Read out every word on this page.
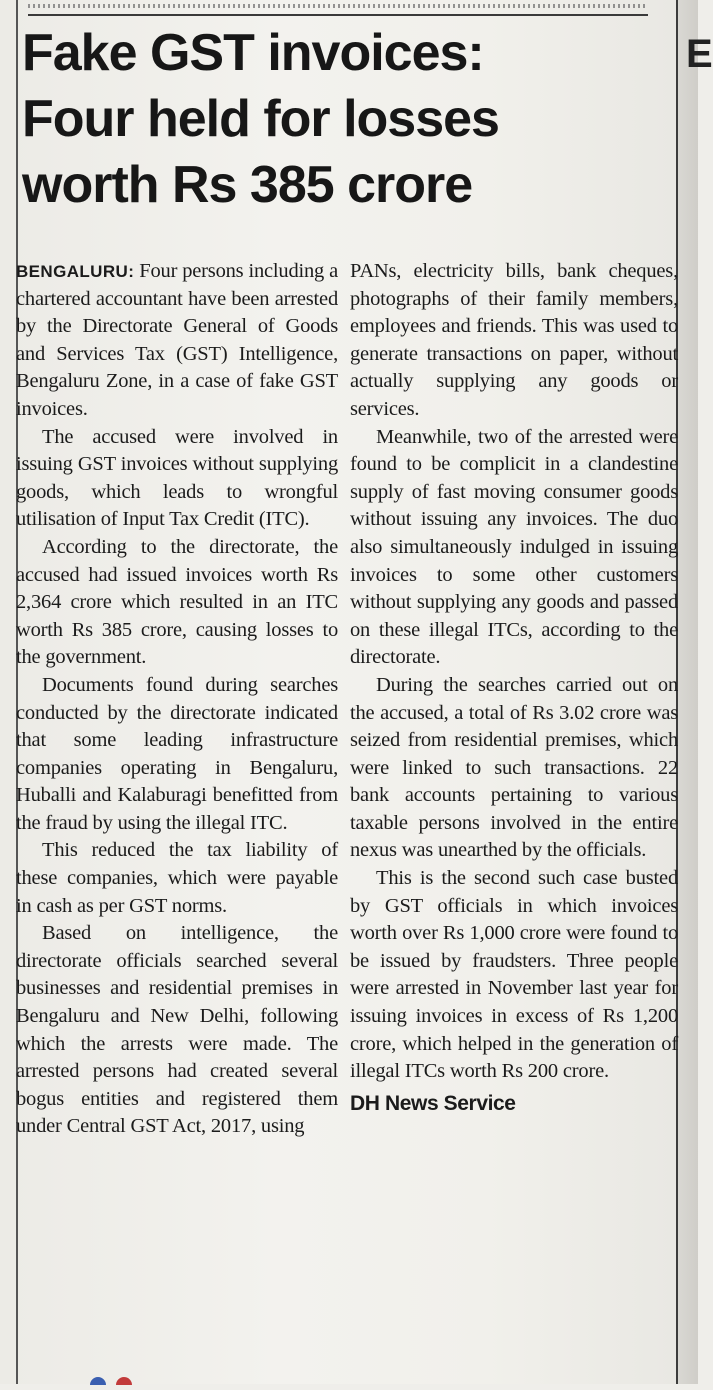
E
Fake GST invoices:
Four held for losses
worth Rs 385 crore

BENGALURU: Four persons including a chartered accountant have been arrested by the Directorate General of Goods and Services Tax (GST) Intelligence, Bengaluru Zone, in a case of fake GST invoices.

The accused were involved in issuing GST invoices without supplying goods, which leads to wrongful utilisation of Input Tax Credit (ITC).

According to the directorate, the accused had issued invoices worth Rs 2,364 crore which resulted in an ITC worth Rs 385 crore, causing losses to the government.

Documents found during searches conducted by the directorate indicated that some leading infrastructure companies operating in Bengaluru, Huballi and Kalaburagi benefitted from the fraud by using the illegal ITC.

This reduced the tax liability of these companies, which were payable in cash as per GST norms.

Based on intelligence, the directorate officials searched several businesses and residential premises in Bengaluru and New Delhi, following which the arrests were made. The arrested persons had created several bogus entities and registered them under Central GST Act, 2017, using

PANs, electricity bills, bank cheques, photographs of their family members, employees and friends. This was used to generate transactions on paper, without actually supplying any goods or services.

Meanwhile, two of the arrested were found to be complicit in a clandestine supply of fast moving consumer goods without issuing any invoices. The duo also simultaneously indulged in issuing invoices to some other customers without supplying any goods and passed on these illegal ITCs, according to the directorate.

During the searches carried out on the accused, a total of Rs 3.02 crore was seized from residential premises, which were linked to such transactions. 22 bank accounts pertaining to various taxable persons involved in the entire nexus was unearthed by the officials.

This is the second such case busted by GST officials in which invoices worth over Rs 1,000 crore were found to be issued by fraudsters. Three people were arrested in November last year for issuing invoices in excess of Rs 1,200 crore, which helped in the generation of illegal ITCs worth Rs 200 crore.

DH News Service
